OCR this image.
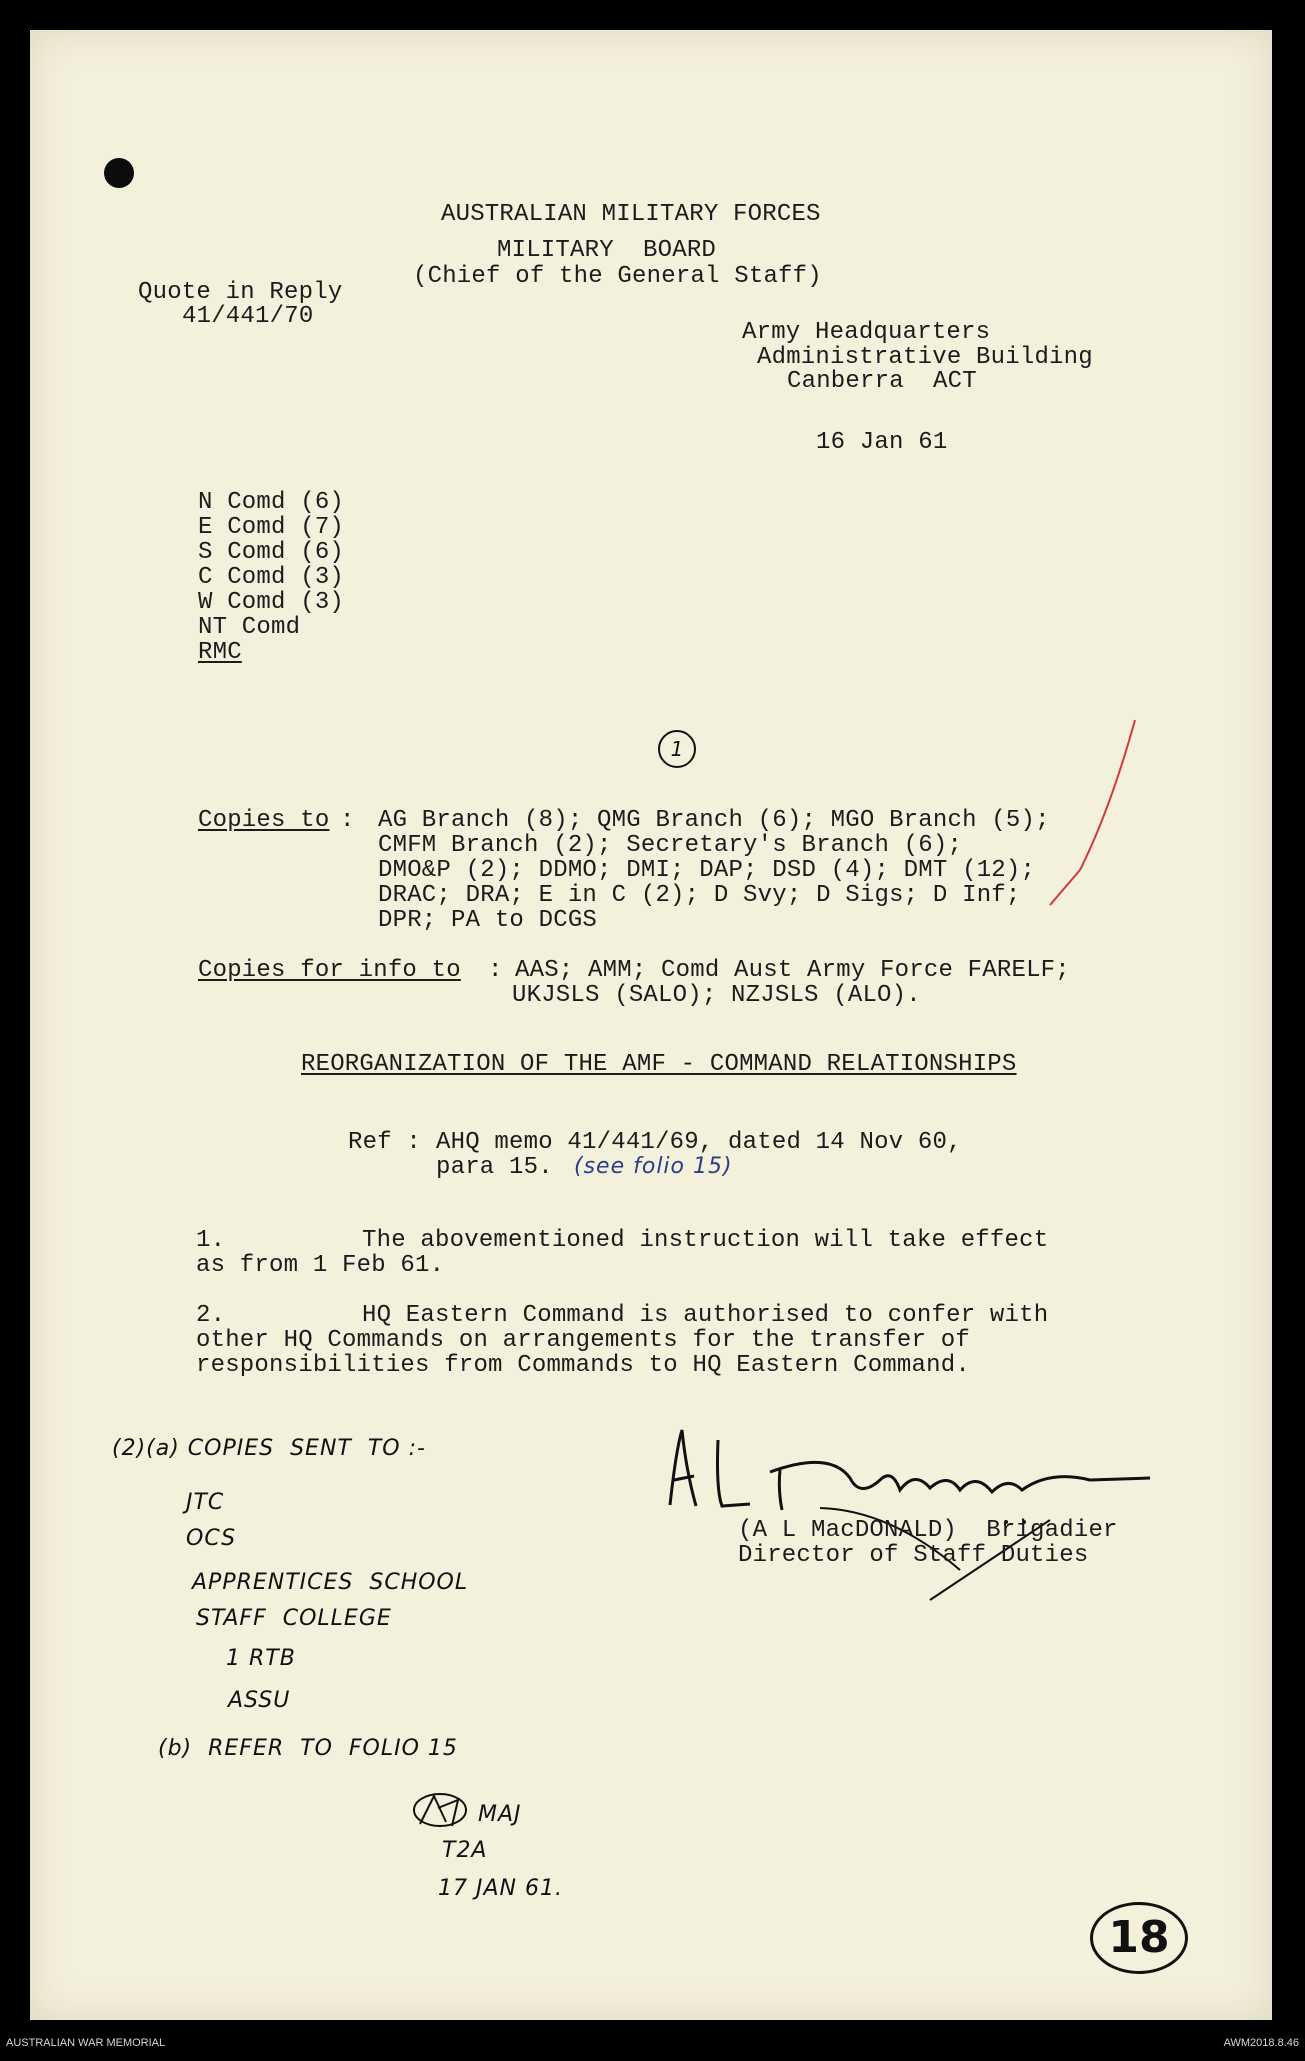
AUSTRALIAN MILITARY FORCES
MILITARY  BOARD
(Chief of the General Staff)
Quote in Reply
41/441/70
Army Headquarters
Administrative Building
Canberra  ACT
16 Jan 61
N Comd (6)
E Comd (7)
S Comd (6)
C Comd (3)
W Comd (3)
NT Comd
RMC
1
Copies to : AG Branch (8); QMG Branch (6); MGO Branch (5);
CMFM Branch (2); Secretary's Branch (6);
DMO&P (2); DDMO; DMI; DAP; DSD (4); DMT (12);
DRAC; DRA; E in C (2); D Svy; D Sigs; D Inf;
DPR; PA to DCGS
Copies for info to : AAS; AMM; Comd Aust Army Force FARELF;
UKJSLS (SALO); NZJSLS (ALO).
REORGANIZATION OF THE AMF - COMMAND RELATIONSHIPS
Ref : AHQ memo 41/441/69, dated 14 Nov 60,
para 15. (see folio 15)
1.	The abovementioned instruction will take effect
as from 1 Feb 61.
2.	HQ Eastern Command is authorised to confer with
other HQ Commands on arrangements for the transfer of
responsibilities from Commands to HQ Eastern Command.
(A L MacDONALD)  Brigadier
Director of Staff Duties
(2)(a) COPIES  SENT  TO :-
JTC
OCS
APPRENTICES  SCHOOL
STAFF  COLLEGE
1 RTB
ASSU
(b)  REFER  TO  FOLIO 15
MAJ
T2A
17 JAN 61.
18
AUSTRALIAN WAR MEMORIAL	AWM2018.8.46
